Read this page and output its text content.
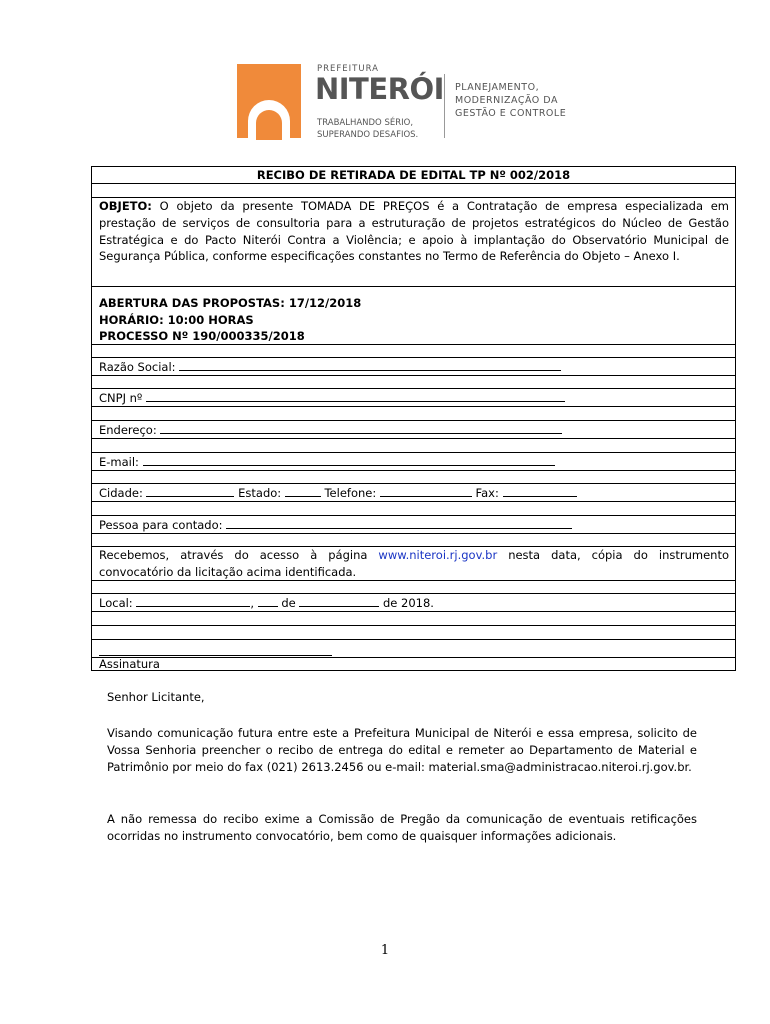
PREFEITURA
NITERÓI
TRABALHANDO SÉRIO,
SUPERANDO DESAFIOS.
PLANEJAMENTO,
MODERNIZAÇÃO DA
GESTÃO E CONTROLE
RECIBO DE RETIRADA DE EDITAL TP Nº 002/2018
OBJETO: O objeto da presente TOMADA DE PREÇOS é a Contratação de empresa especializada em prestação de serviços de consultoria para a estruturação de projetos estratégicos do Núcleo de Gestão Estratégica e do Pacto Niterói Contra a Violência; e apoio à implantação do Observatório Municipal de Segurança Pública, conforme especificações constantes no Termo de Referência do Objeto – Anexo I.
ABERTURA DAS PROPOSTAS: 17/12/2018
HORÁRIO: 10:00 HORAS
PROCESSO Nº 190/000335/2018
Razão Social:
CNPJ nº
Endereço:
E-mail:
Cidade:	Estado:	Telefone:	Fax:
Pessoa para contado:
Recebemos, através do acesso à página www.niteroi.rj.gov.br nesta data, cópia do instrumento
convocatório da licitação acima identificada.
Local:	, de	de 2018.
Assinatura
Senhor Licitante,
Visando comunicação futura entre este a Prefeitura Municipal de Niterói e essa empresa, solicito de Vossa Senhoria preencher o recibo de entrega do edital e remeter ao Departamento de Material e Patrimônio por meio do fax (021) 2613.2456 ou e-mail: material.sma@administracao.niteroi.rj.gov.br.
A não remessa do recibo exime a Comissão de Pregão da comunicação de eventuais retificações ocorridas no instrumento convocatório, bem como de quaisquer informações adicionais.
1
